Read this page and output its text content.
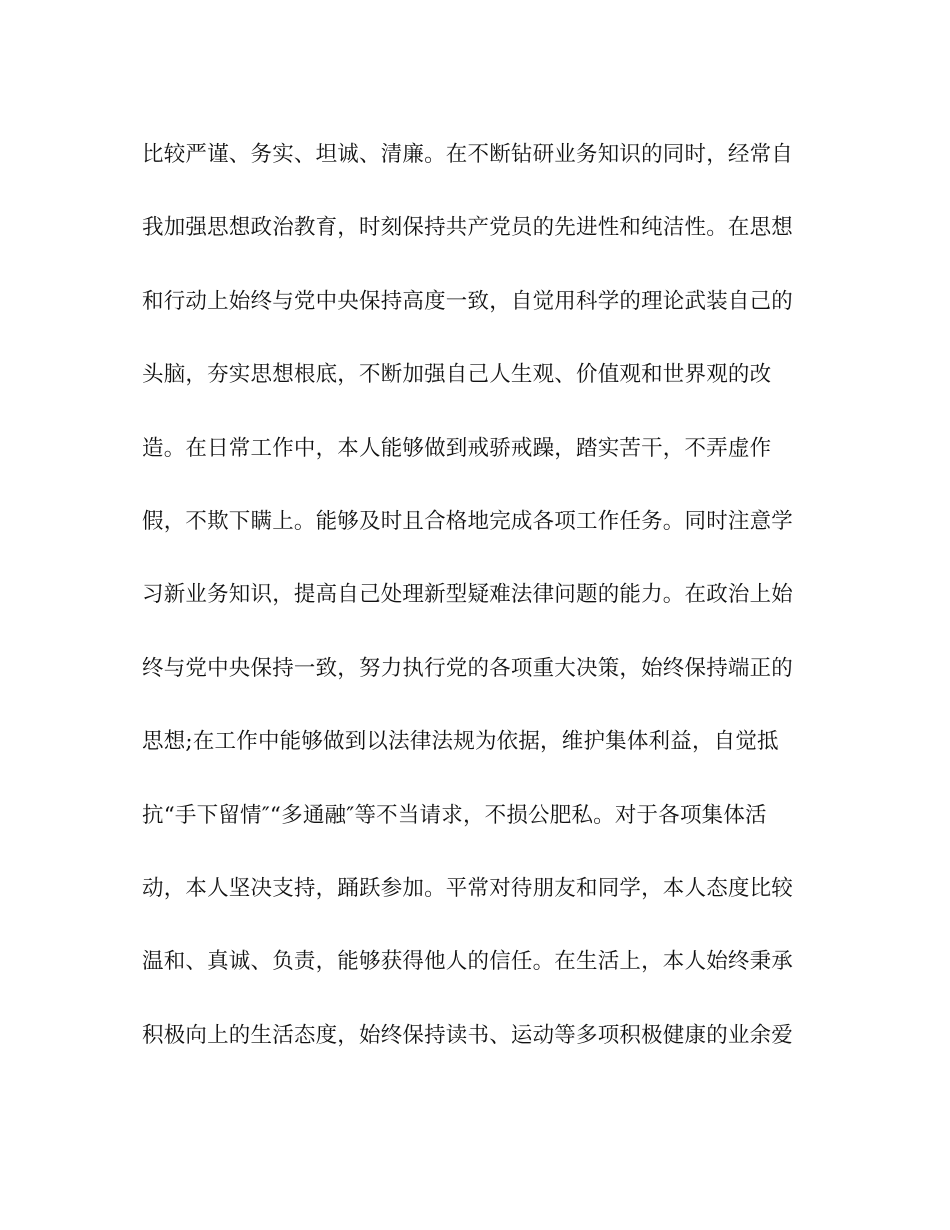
比较严谨、务实、坦诚、清廉。在不断钻研业务知识的同时，经常自
我加强思想政治教育，时刻保持共产党员的先进性和纯洁性。在思想
和行动上始终与党中央保持高度一致，自觉用科学的理论武装自己的
头脑，夯实思想根底，不断加强自己人生观、价值观和世界观的改
造。在日常工作中，本人能够做到戒骄戒躁，踏实苦干，不弄虚作
假，不欺下瞒上。能够及时且合格地完成各项工作任务。同时注意学
习新业务知识，提高自己处理新型疑难法律问题的能力。在政治上始
终与党中央保持一致，努力执行党的各项重大决策，始终保持端正的
思想;在工作中能够做到以法律法规为依据，维护集体利益，自觉抵
抗“手下留情″“多通融″等不当请求，不损公肥私。对于各项集体活
动，本人坚决支持，踊跃参加。平常对待朋友和同学，本人态度比较
温和、真诚、负责，能够获得他人的信任。在生活上，本人始终秉承
积极向上的生活态度，始终保持读书、运动等多项积极健康的业余爱
